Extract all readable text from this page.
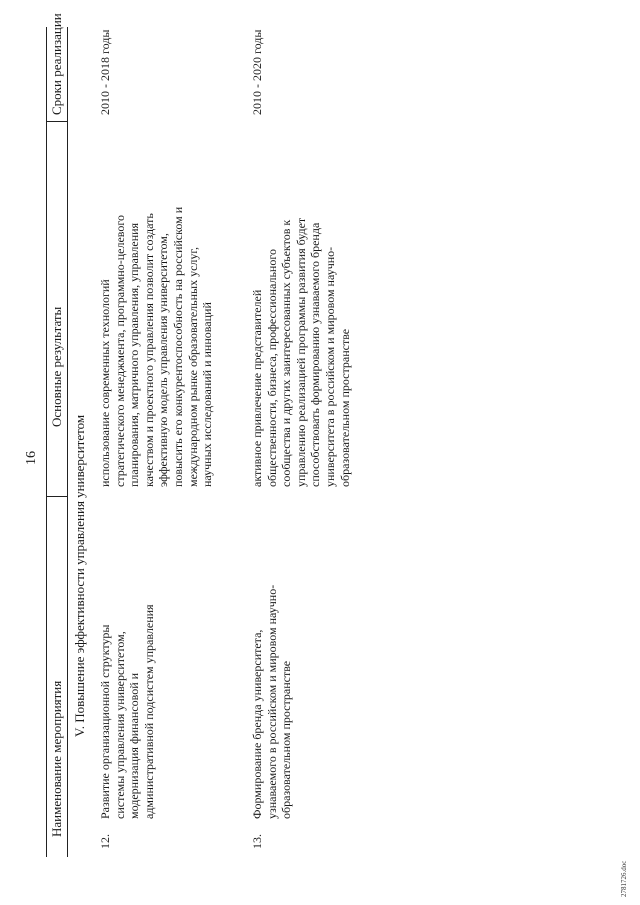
16
Наименование мероприятия
Основные результаты
Сроки реализации
V. Повышение эффективности управления университетом
12.
Развитие организационной структуры системы управления университетом, модернизация финансовой и административной подсистем управления
использование современных технологий стратегического менеджмента, программно-целевого планирования, матричного управления, управления качеством и проектного управления позволит создать эффективную модель управления университетом, повысить его конкурентоспособность на российском и международном рынке образовательных услуг, научных исследований и инноваций
2010 - 2018 годы
13.
Формирование бренда университета, узнаваемого в российском и мировом научно- образовательном пространстве
активное привлечение представителей общественности, бизнеса, профессионального сообщества и других заинтересованных субъектов к управлению реализацией программы развития будет способствовать формированию узнаваемого бренда университета в российском и мировом научно- образовательном пространстве
2010 - 2020 годы
2781726.doc
